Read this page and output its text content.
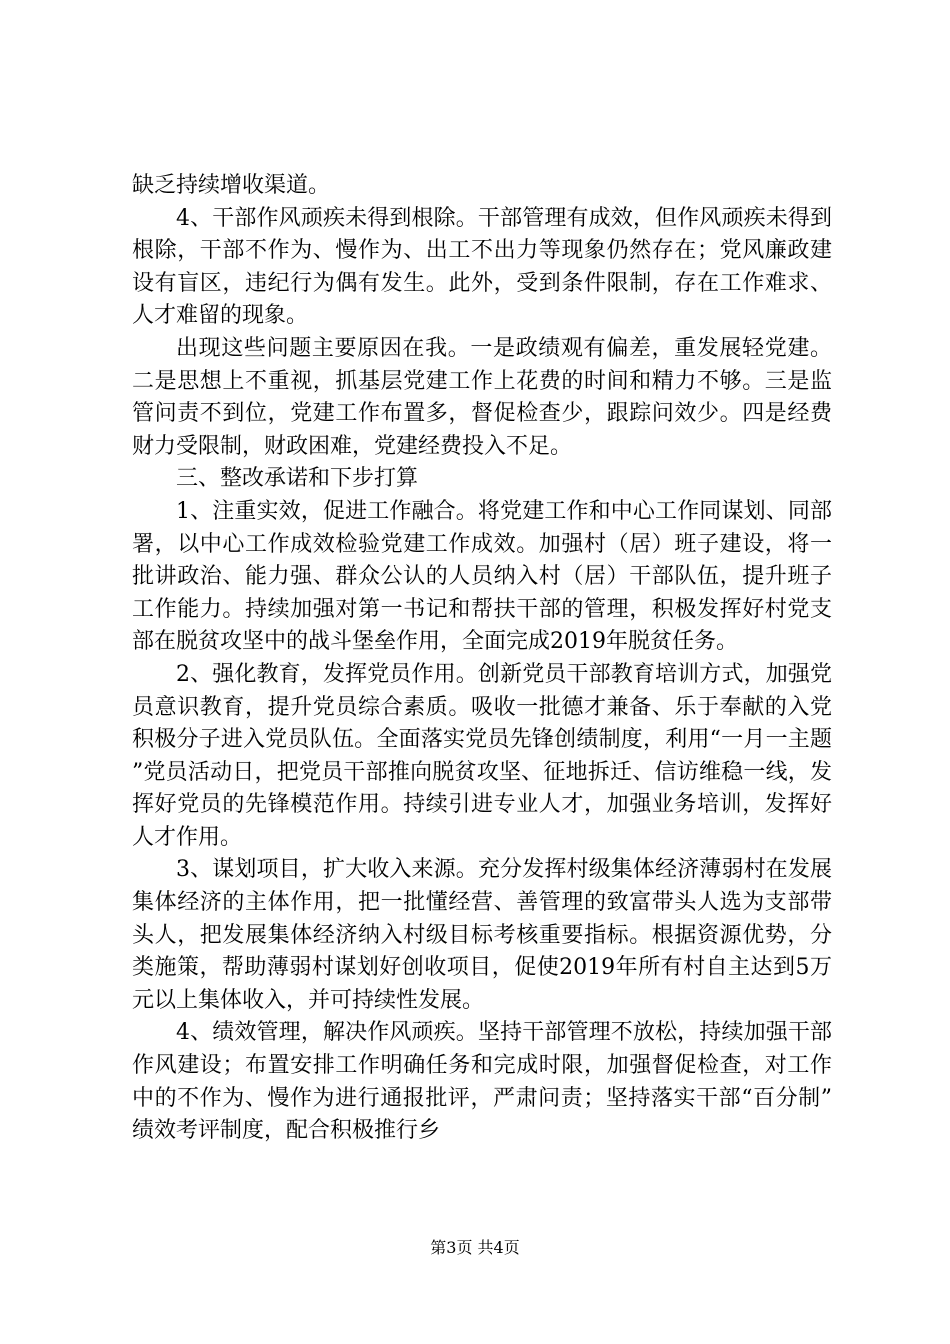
缺乏持续增收渠道。

4、干部作风顽疾未得到根除。干部管理有成效，但作风顽疾未得到根除，干部不作为、慢作为、出工不出力等现象仍然存在；党风廉政建设有盲区，违纪行为偶有发生。此外，受到条件限制，存在工作难求、人才难留的现象。

出现这些问题主要原因在我。一是政绩观有偏差，重发展轻党建。二是思想上不重视，抓基层党建工作上花费的时间和精力不够。三是监管问责不到位，党建工作布置多，督促检查少，跟踪问效少。四是经费财力受限制，财政困难，党建经费投入不足。

三、整改承诺和下步打算

1、注重实效，促进工作融合。将党建工作和中心工作同谋划、同部署，以中心工作成效检验党建工作成效。加强村（居）班子建设，将一批讲政治、能力强、群众公认的人员纳入村（居）干部队伍，提升班子工作能力。持续加强对第一书记和帮扶干部的管理，积极发挥好村党支部在脱贫攻坚中的战斗堡垒作用，全面完成2019年脱贫任务。

2、强化教育，发挥党员作用。创新党员干部教育培训方式，加强党员意识教育，提升党员综合素质。吸收一批德才兼备、乐于奉献的入党积极分子进入党员队伍。全面落实党员先锋创绩制度，利用“一月一主题”党员活动日，把党员干部推向脱贫攻坚、征地拆迁、信访维稳一线，发挥好党员的先锋模范作用。持续引进专业人才，加强业务培训，发挥好人才作用。

3、谋划项目，扩大收入来源。充分发挥村级集体经济薄弱村在发展集体经济的主体作用，把一批懂经营、善管理的致富带头人选为支部带头人，把发展集体经济纳入村级目标考核重要指标。根据资源优势，分类施策，帮助薄弱村谋划好创收项目，促使2019年所有村自主达到5万元以上集体收入，并可持续性发展。

4、绩效管理，解决作风顽疾。坚持干部管理不放松，持续加强干部作风建设；布置安排工作明确任务和完成时限，加强督促检查，对工作中的不作为、慢作为进行通报批评，严肃问责；坚持落实干部“百分制”绩效考评制度，配合积极推行乡

第3页 共4页
